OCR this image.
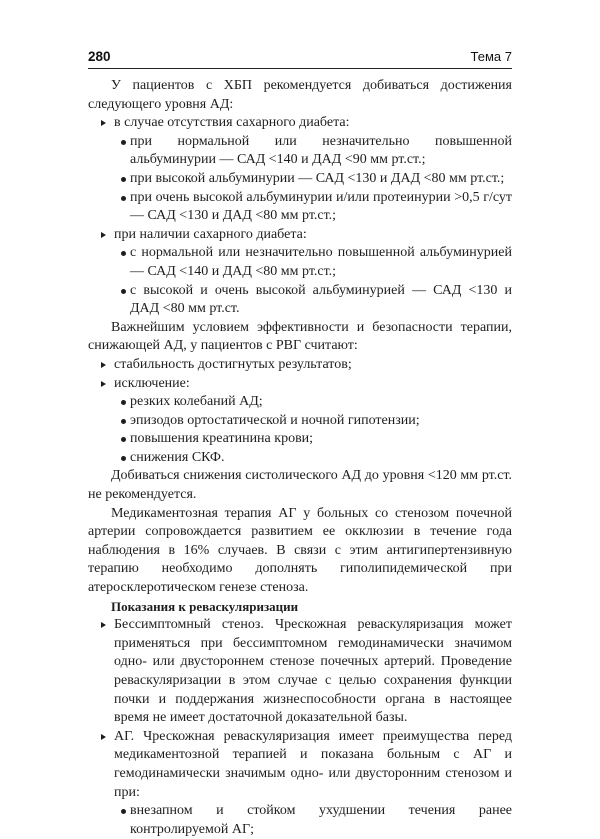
280	Тема 7

У пациентов с ХБП рекомендуется добиваться достижения следующего уровня АД:

в случае отсутствия сахарного диабета:

при нормальной или незначительно повышенной альбуминурии — САД <140 и ДАД <90 мм рт.ст.;

при высокой альбуминурии — САД <130 и ДАД <80 мм рт.ст.;

при очень высокой альбуминурии и/или протеинурии >0,5 г/сут — САД <130 и ДАД <80 мм рт.ст.;

при наличии сахарного диабета:

с нормальной или незначительно повышенной альбуминурией — САД <140 и ДАД <80 мм рт.ст.;

с высокой и очень высокой альбуминурией — САД <130 и ДАД <80 мм рт.ст.

Важнейшим условием эффективности и безопасности терапии, снижающей АД, у пациентов с РВГ считают:

стабильность достигнутых результатов;

исключение:

резких колебаний АД;

эпизодов ортостатической и ночной гипотензии;

повышения креатинина крови;

снижения СКФ.

Добиваться снижения систолического АД до уровня <120 мм рт.ст. не рекомендуется.

Медикаментозная терапия АГ у больных со стенозом почечной артерии сопровождается развитием ее окклюзии в течение года наблюдения в 16% случаев. В связи с этим антигипертензивную терапию необходимо дополнять гиполипидемической при атеросклеротическом генезе стеноза.

Показания к реваскуляризации

Бессимптомный стеноз. Чрескожная реваскуляризация может применяться при бессимптомном гемодинамически значимом одно- или двустороннем стенозе почечных артерий. Проведение реваскуляризации в этом случае с целью сохранения функции почки и поддержания жизнеспособности органа в настоящее время не имеет достаточной доказательной базы.

АГ. Чрескожная реваскуляризация имеет преимущества перед медикаментозной терапией и показана больным с АГ и гемодинамически значимым одно- или двусторонним стенозом и при:

внезапном и стойком ухудшении течения ранее контролируемой АГ;
